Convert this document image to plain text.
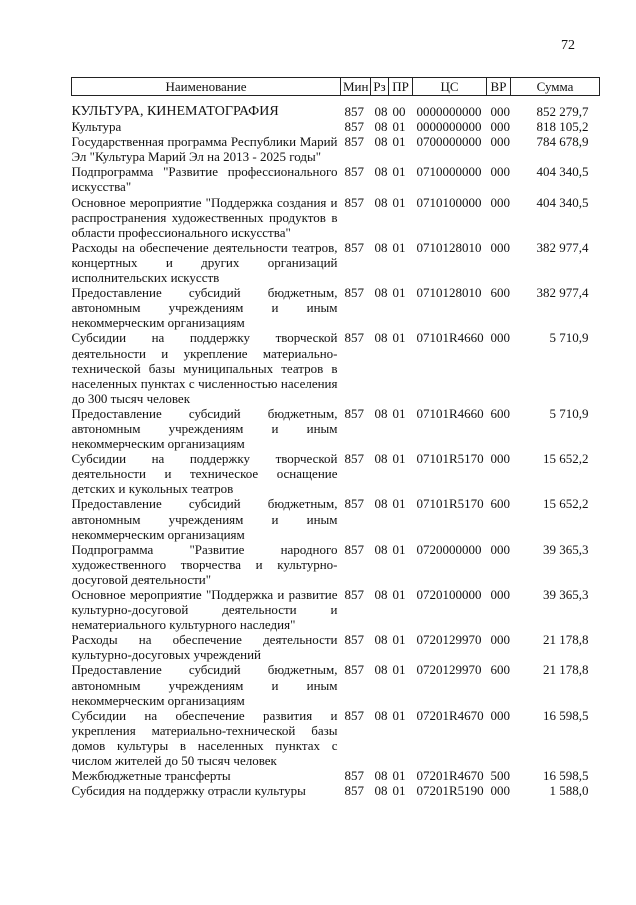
72
Наименование	Мин	Рз	ПР	ЦС	ВР	Сумма
КУЛЬТУРА, КИНЕМАТОГРАФИЯ	857	08	00	0000000000	000	852 279,7
Культура	857	08	01	0000000000	000	818 105,2
Государственная программа Республики Марий Эл "Культура Марий Эл на 2013 - 2025 годы"	857	08	01	0700000000	000	784 678,9
Подпрограмма "Развитие профессионального искусства"	857	08	01	0710000000	000	404 340,5
Основное мероприятие "Поддержка создания и распространения художественных продуктов в области профессионального искусства"	857	08	01	0710100000	000	404 340,5
Расходы на обеспечение деятельности театров, концертных и других организаций исполнительских искусств	857	08	01	0710128010	000	382 977,4
Предоставление субсидий бюджетным, автономным учреждениям и иным некоммерческим организациям	857	08	01	0710128010	600	382 977,4
Субсидии на поддержку творческой деятельности и укрепление материально-технической базы муниципальных театров в населенных пунктах с численностью населения до 300 тысяч человек	857	08	01	07101R4660	000	5 710,9
Предоставление субсидий бюджетным, автономным учреждениям и иным некоммерческим организациям	857	08	01	07101R4660	600	5 710,9
Субсидии на поддержку творческой деятельности и техническое оснащение детских и кукольных театров	857	08	01	07101R5170	000	15 652,2
Предоставление субсидий бюджетным, автономным учреждениям и иным некоммерческим организациям	857	08	01	07101R5170	600	15 652,2
Подпрограмма "Развитие народного художественного творчества и культурно-досуговой деятельности"	857	08	01	0720000000	000	39 365,3
Основное мероприятие "Поддержка и развитие культурно-досуговой деятельности и нематериального культурного наследия"	857	08	01	0720100000	000	39 365,3
Расходы на обеспечение деятельности культурно-досуговых учреждений	857	08	01	0720129970	000	21 178,8
Предоставление субсидий бюджетным, автономным учреждениям и иным некоммерческим организациям	857	08	01	0720129970	600	21 178,8
Субсидии на обеспечение развития и укрепления материально-технической базы домов культуры в населенных пунктах с числом жителей до 50 тысяч человек	857	08	01	07201R4670	000	16 598,5
Межбюджетные трансферты	857	08	01	07201R4670	500	16 598,5
Субсидия на поддержку отрасли культуры	857	08	01	07201R5190	000	1 588,0
